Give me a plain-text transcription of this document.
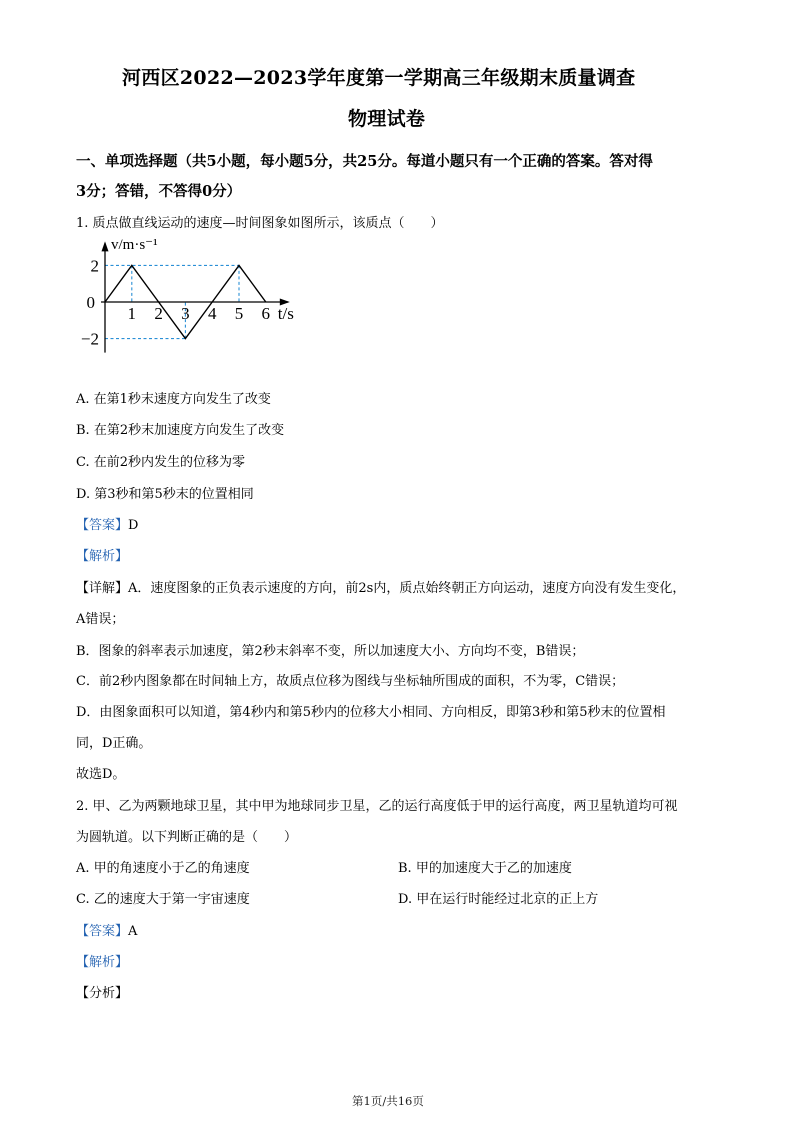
河西区2022—2023学年度第一学期高三年级期末质量调查
物理试卷
一、单项选择题（共5小题，每小题5分，共25分。每道小题只有一个正确的答案。答对得
3分；答错，不答得0分）
1. 质点做直线运动的速度—时间图象如图所示，该质点（　　）
1 2 3 4 5 6 t/s
0
2
−2
v/m·s⁻¹
A. 在第1秒末速度方向发生了改变
B. 在第2秒末加速度方向发生了改变
C. 在前2秒内发生的位移为零
D. 第3秒和第5秒末的位置相同
【答案】D
【解析】
【详解】A．速度图象的正负表示速度的方向，前2s内，质点始终朝正方向运动，速度方向没有发生变化，
A错误；
B．图象的斜率表示加速度，第2秒末斜率不变，所以加速度大小、方向均不变，B错误；
C．前2秒内图象都在时间轴上方，故质点位移为图线与坐标轴所围成的面积，不为零，C错误；
D．由图象面积可以知道，第4秒内和第5秒内的位移大小相同、方向相反，即第3秒和第5秒末的位置相
同，D正确。
故选D。
2. 甲、乙为两颗地球卫星，其中甲为地球同步卫星，乙的运行高度低于甲的运行高度，两卫星轨道均可视
为圆轨道。以下判断正确的是（　　）
A. 甲的角速度小于乙的角速度	B. 甲的加速度大于乙的加速度
C. 乙的速度大于第一宇宙速度	D. 甲在运行时能经过北京的正上方
【答案】A
【解析】
【分析】
第1页/共16页
